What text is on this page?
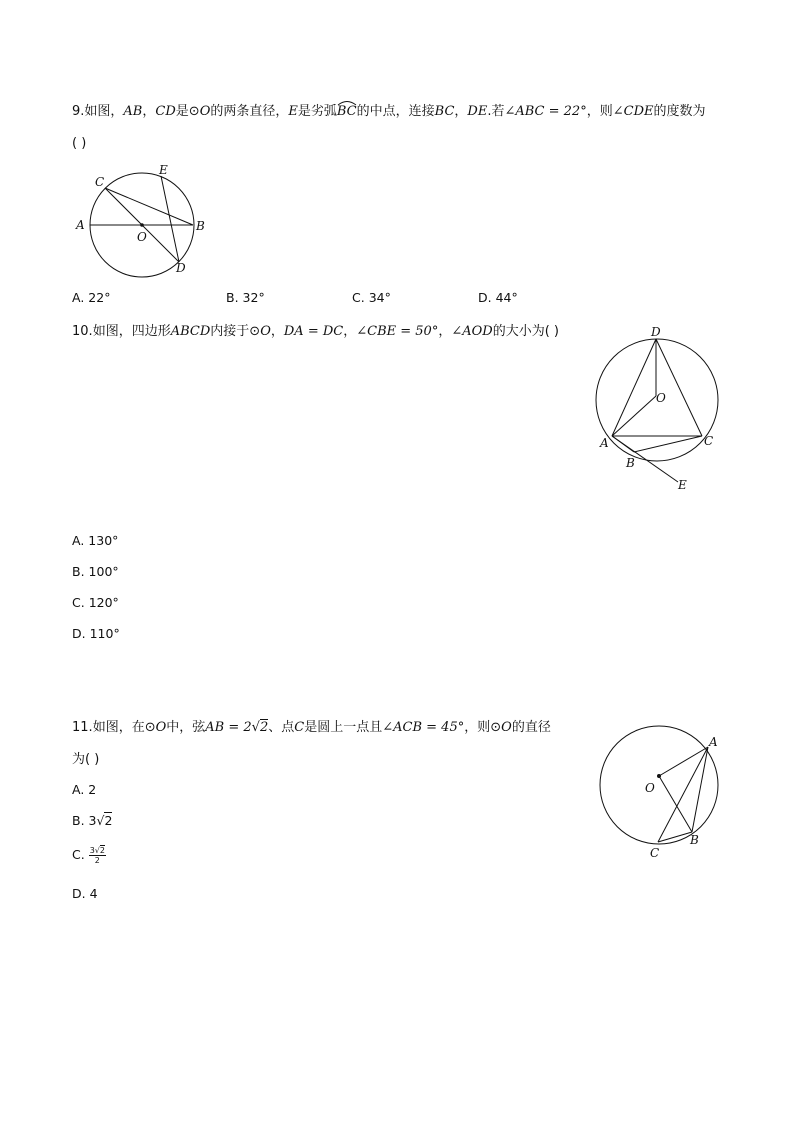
9.如图，AB，CD是⊙O的两条直径，E是劣弧BC
的中点，连接BC，DE.若∠ABC = 22°，则∠CDE的度数为
( )
A	B
C
D
E
O
A. 22°	B. 32°	C. 34°	D. 44°
10.如图，四边形ABCD内接于⊙O，DA = DC，∠CBE = 50°，∠AOD的大小为( )	D
O
A	C
B
E
A. 130°
B. 100°
C. 120°
D. 110°
11.如图，在⊙O中，弦AB = 2√2、点C是圆上一点且∠ACB = 45°，则⊙O的直径
为( )
A. 2
B. 3√2
C. $\frac{3√2}{2}$
D. 4
A
O
B
C
